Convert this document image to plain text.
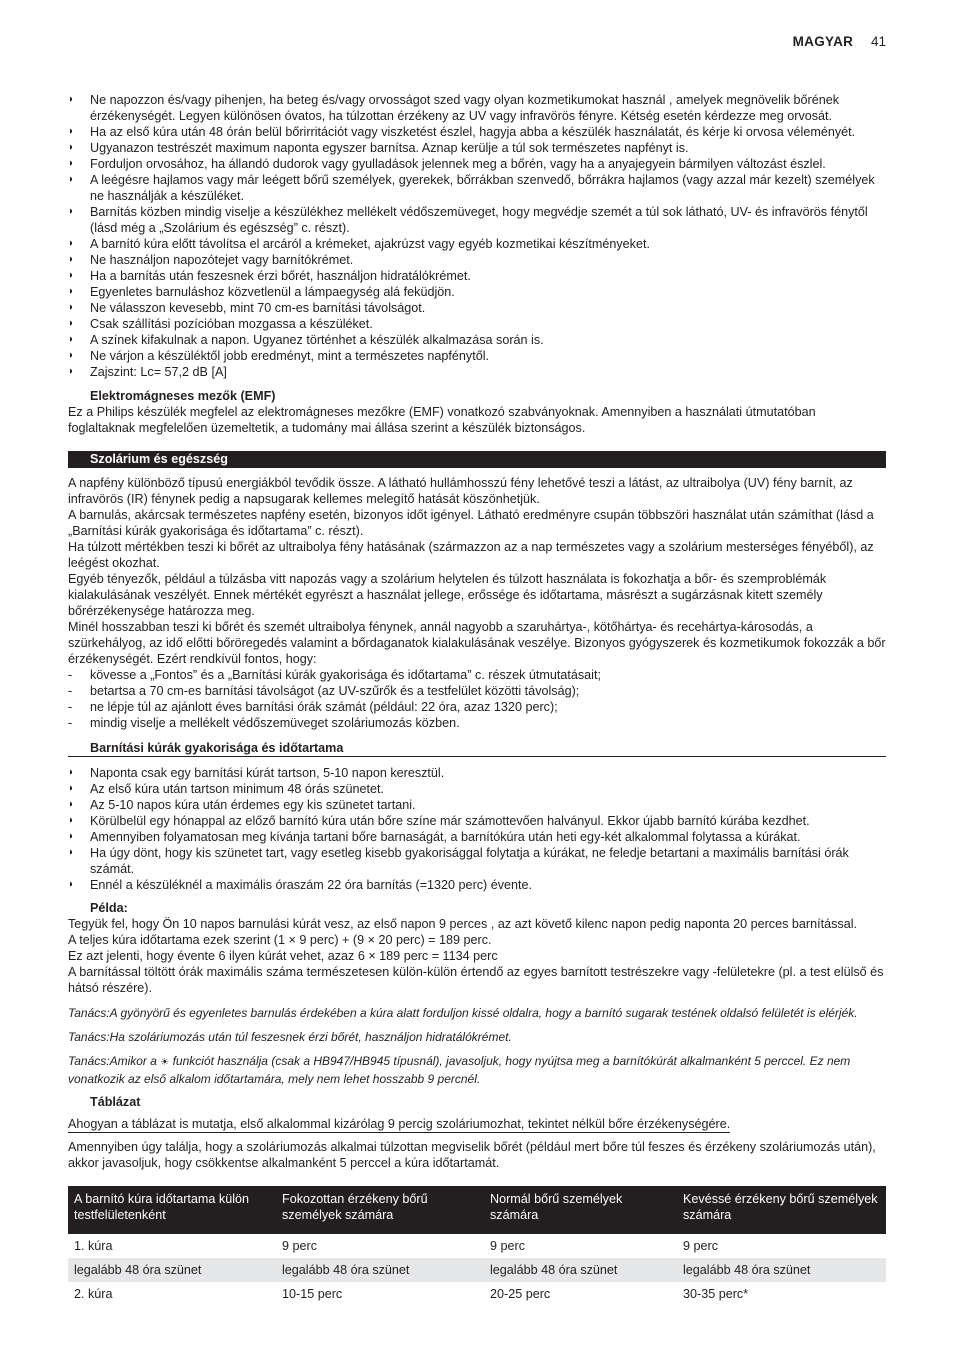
MAGYAR 41
◗ Ne napozzon és/vagy pihenjen, ha beteg és/vagy orvosságot szed vagy olyan kozmetikumokat használ , amelyek megnövelik bőrének érzékenységét. Legyen különösen óvatos, ha túlzottan érzékeny az UV vagy infravörös fényre. Kétség esetén kérdezze meg orvosát.
◗ Ha az első kúra után 48 órán belül bőrirritációt vagy viszketést észlel, hagyja abba a készülék használatát, és kérje ki orvosa véleményét.
◗ Ugyanazon testrészét maximum naponta egyszer barnítsa. Aznap kerülje a túl sok természetes napfényt is.
◗ Forduljon orvosához, ha állandó dudorok vagy gyulladások jelennek meg a bőrén, vagy ha a anyajegyein bármilyen változást észlel.
◗ A leégésre hajlamos vagy már leégett bőrű személyek, gyerekek, bőrrákban szenvedő, bőrrákra hajlamos (vagy azzal már kezelt) személyek ne használják a készüléket.
◗ Barnítás közben mindig viselje a készülékhez mellékelt védőszemüveget, hogy megvédje szemét a túl sok látható, UV- és infravörös fénytől (lásd még a „Szolárium és egészség” c. részt).
◗ A barnító kúra előtt távolítsa el arcáról a krémeket, ajakrúzst vagy egyéb kozmetikai készítményeket.
◗ Ne használjon napozótejet vagy barnítókrémet.
◗ Ha a barnítás után feszesnek érzi bőrét, használjon hidratálókrémet.
◗ Egyenletes barnuláshoz közvetlenül a lámpaegység alá feküdjön.
◗ Ne válasszon kevesebb, mint 70 cm-es barnítási távolságot.
◗ Csak szállítási pozícióban mozgassa a készüléket.
◗ A színek kifakulnak a napon. Ugyanez történhet a készülék alkalmazása során is.
◗ Ne várjon a készüléktől jobb eredményt, mint a természetes napfénytől.
◗ Zajszint: Lc= 57,2 dB [A]
Elektromágneses mezők (EMF)
Ez a Philips készülék megfelel az elektromágneses mezőkre (EMF) vonatkozó szabványoknak. Amennyiben a használati útmutatóban foglaltaknak megfelelően üzemeltetik, a tudomány mai állása szerint a készülék biztonságos.
Szolárium és egészség
A napfény különböző típusú energiákból tevődik össze. A látható hullámhosszú fény lehetővé teszi a látást, az ultraibolya (UV) fény barnít, az infravörös (IR) fénynek pedig a napsugarak kellemes melegítő hatását köszönhetjük.
A barnulás, akárcsak természetes napfény esetén, bizonyos időt igényel. Látható eredményre csupán többszöri használat után számíthat (lásd a „Barnítási kúrák gyakorisága és időtartama” c. részt).
Ha túlzott mértékben teszi ki bőrét az ultraibolya fény hatásának (származzon az a nap természetes vagy a szolárium mesterséges fényéből), az leégést okozhat.
Egyéb tényezők, például a túlzásba vitt napozás vagy a szolárium helytelen és túlzott használata is fokozhatja a bőr- és szemproblémák kialakulásának veszélyét. Ennek mértékét egyrészt a használat jellege, erőssége és időtartama, másrészt a sugárzásnak kitett személy bőrérzékenysége határozza meg.
Minél hosszabban teszi ki bőrét és szemét ultraibolya fénynek, annál nagyobb a szaruhártya-, kötőhártya- és recehártya-károsodás, a szürkehályog, az idő előtti bőröregedés valamint a bőrdaganatok kialakulásának veszélye. Bizonyos gyógyszerek és kozmetikumok fokozzák a bőr érzékenységét. Ezért rendkívül fontos, hogy:
- kövesse a „Fontos” és a „Barnítási kúrák gyakorisága és időtartama” c. részek útmutatásait;
- betartsa a 70 cm-es barnítási távolságot (az UV-szűrők és a testfelület közötti távolság);
- ne lépje túl az ajánlott éves barnítási órák számát (például: 22 óra, azaz 1320 perc);
- mindig viselje a mellékelt védőszemüveget szoláriumozás közben.
Barnítási kúrák gyakorisága és időtartama
◗ Naponta csak egy barnítási kúrát tartson, 5-10 napon keresztül.
◗ Az első kúra után tartson minimum 48 órás szünetet.
◗ Az 5-10 napos kúra után érdemes egy kis szünetet tartani.
◗ Körülbelül egy hónappal az előző barnító kúra után bőre színe már számottevően halványul. Ekkor újabb barnító kúrába kezdhet.
◗ Amennyiben folyamatosan meg kívánja tartani bőre barnaságát, a barnítókúra után heti egy-két alkalommal folytassa a kúrákat.
◗ Ha úgy dönt, hogy kis szünetet tart, vagy esetleg kisebb gyakorisággal folytatja a kúrákat, ne feledje betartani a maximális barnítási órák számát.
◗ Ennél a készüléknél a maximális óraszám 22 óra barnítás (=1320 perc) évente.
Példa:
Tegyük fel, hogy Ön 10 napos barnulási kúrát vesz, az első napon 9 perces , az azt követő kilenc napon pedig naponta 20 perces barnítással.
A teljes kúra időtartama ezek szerint (1 × 9 perc) + (9 × 20 perc) = 189 perc.
Ez azt jelenti, hogy évente 6 ilyen kúrát vehet, azaz 6 × 189 perc = 1134 perc
A barnítással töltött órák maximális száma természetesen külön-külön értendő az egyes barnított testrészekre vagy -felületekre (pl. a test elülső és hátsó részére).
Tanács:A gyönyörű és egyenletes barnulás érdekében a kúra alatt forduljon kissé oldalra, hogy a barnító sugarak testének oldalsó felületét is elérjék.
Tanács:Ha szoláriumozás után túl feszesnek érzi bőrét, használjon hidratálókrémet.
Tanács:Amikor a ☀ funkciót használja (csak a HB947/HB945 típusnál), javasoljuk, hogy nyújtsa meg a barnítókúrát alkalmanként 5 perccel. Ez nem vonatkozik az első alkalom időtartamára, mely nem lehet hosszabb 9 percnél.
Táblázat
Ahogyan a táblázat is mutatja, első alkalommal kizárólag 9 percig szoláriumozhat, tekintet nélkül bőre érzékenységére.
Amennyiben úgy találja, hogy a szoláriumozás alkalmai túlzottan megviselik bőrét (például mert bőre túl feszes és érzékeny szoláriumozás után), akkor javasoljuk, hogy csökkentse alkalmanként 5 perccel a kúra időtartamát.
A barnító kúra időtartama külön testfelületenként	Fokozottan érzékeny bőrű személyek számára	Normál bőrű személyek számára	Kevéssé érzékeny bőrű személyek számára
1. kúra	9 perc	9 perc	9 perc
legalább 48 óra szünet	legalább 48 óra szünet	legalább 48 óra szünet	legalább 48 óra szünet
2. kúra	10-15 perc	20-25 perc	30-35 perc*
